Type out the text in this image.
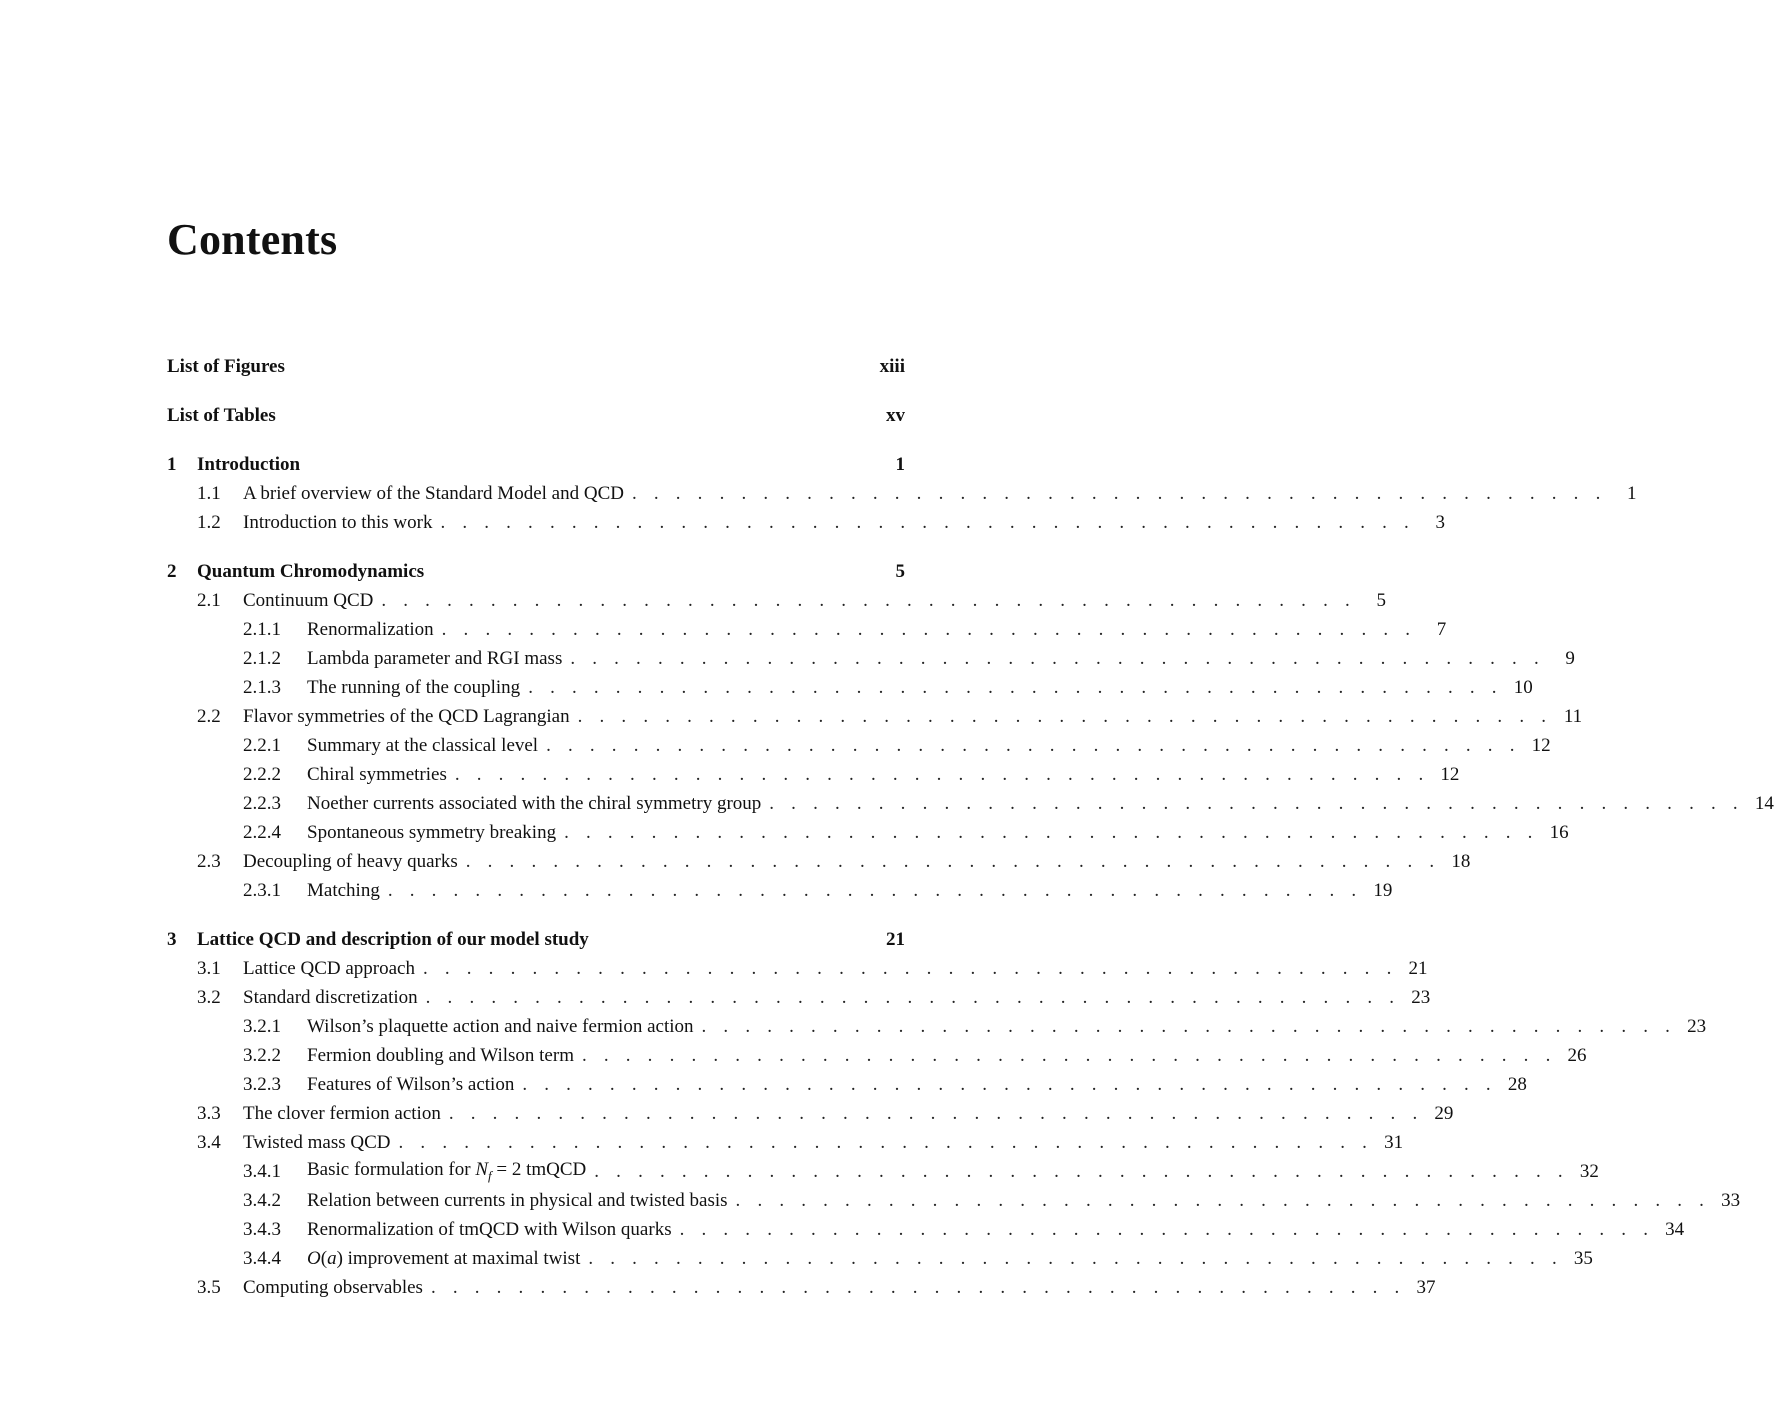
Contents
List of Figures	xiii
List of Tables	xv
1	Introduction	1
1.1	A brief overview of the Standard Model and QCD . . . . . . . . . . . . . . . . . . . . . . . . . . . . . . . . . . . . . . . . . . . . .	1
1.2	Introduction to this work . . . . . . . . . . . . . . . . . . . . . . . . . . . . . . . . . . . . . . . . . . . . .	3
2	Quantum Chromodynamics	5
2.1	Continuum QCD . . . . . . . . . . . . . . . . . . . . . . . . . . . . . . . . . . . . . . . . . . . . .	5
2.1.1	Renormalization . . . . . . . . . . . . . . . . . . . . . . . . . . . . . . . . . . . . . . . . . . . . .	7
2.1.2	Lambda parameter and RGI mass . . . . . . . . . . . . . . . . . . . . . . . . . . . . . . . . . . . . . . . . . . . . .	9
2.1.3	The running of the coupling . . . . . . . . . . . . . . . . . . . . . . . . . . . . . . . . . . . . . . . . . . . . . 10
2.2	Flavor symmetries of the QCD Lagrangian . . . . . . . . . . . . . . . . . . . . . . . . . . . . . . . . . . . . . . . . . . . . . 11
2.2.1	Summary at the classical level . . . . . . . . . . . . . . . . . . . . . . . . . . . . . . . . . . . . . . . . . . . . . 12
2.2.2	Chiral symmetries . . . . . . . . . . . . . . . . . . . . . . . . . . . . . . . . . . . . . . . . . . . . . 12
2.2.3	Noether currents associated with the chiral symmetry group . . . . . . . . . . . . . . . . . . . . . . . . . . . . . . . . . . . . . . . . . . . . . 14
2.2.4	Spontaneous symmetry breaking . . . . . . . . . . . . . . . . . . . . . . . . . . . . . . . . . . . . . . . . . . . . . 16
2.3	Decoupling of heavy quarks . . . . . . . . . . . . . . . . . . . . . . . . . . . . . . . . . . . . . . . . . . . . . 18
2.3.1	Matching . . . . . . . . . . . . . . . . . . . . . . . . . . . . . . . . . . . . . . . . . . . . . 19
3	Lattice QCD and description of our model study	21
3.1	Lattice QCD approach . . . . . . . . . . . . . . . . . . . . . . . . . . . . . . . . . . . . . . . . . . . . . 21
3.2	Standard discretization . . . . . . . . . . . . . . . . . . . . . . . . . . . . . . . . . . . . . . . . . . . . . 23
3.2.1	Wilson’s plaquette action and naive fermion action . . . . . . . . . . . . . . . . . . . . . . . . . . . . . . . . . . . . . . . . . . . . . 23
3.2.2	Fermion doubling and Wilson term . . . . . . . . . . . . . . . . . . . . . . . . . . . . . . . . . . . . . . . . . . . . . 26
3.2.3	Features of Wilson’s action . . . . . . . . . . . . . . . . . . . . . . . . . . . . . . . . . . . . . . . . . . . . . 28
3.3	The clover fermion action . . . . . . . . . . . . . . . . . . . . . . . . . . . . . . . . . . . . . . . . . . . . . 29
3.4	Twisted mass QCD . . . . . . . . . . . . . . . . . . . . . . . . . . . . . . . . . . . . . . . . . . . . . 31
3.4.1	Basic formulation for $N_f = 2$ tmQCD . . . . . . . . . . . . . . . . . . . . . . . . . . . . . . . . . . . . . . . . . . . . . 32
3.4.2	Relation between currents in physical and twisted basis . . . . . . . . . . . . . . . . . . . . . . . . . . . . . . . . . . . . . . . . . . . . . 33
3.4.3	Renormalization of tmQCD with Wilson quarks . . . . . . . . . . . . . . . . . . . . . . . . . . . . . . . . . . . . . . . . . . . . . 34
3.4.4	O(a) improvement at maximal twist . . . . . . . . . . . . . . . . . . . . . . . . . . . . . . . . . . . . . . . . . . . . . 35
3.5	Computing observables . . . . . . . . . . . . . . . . . . . . . . . . . . . . . . . . . . . . . . . . . . . . . 37
